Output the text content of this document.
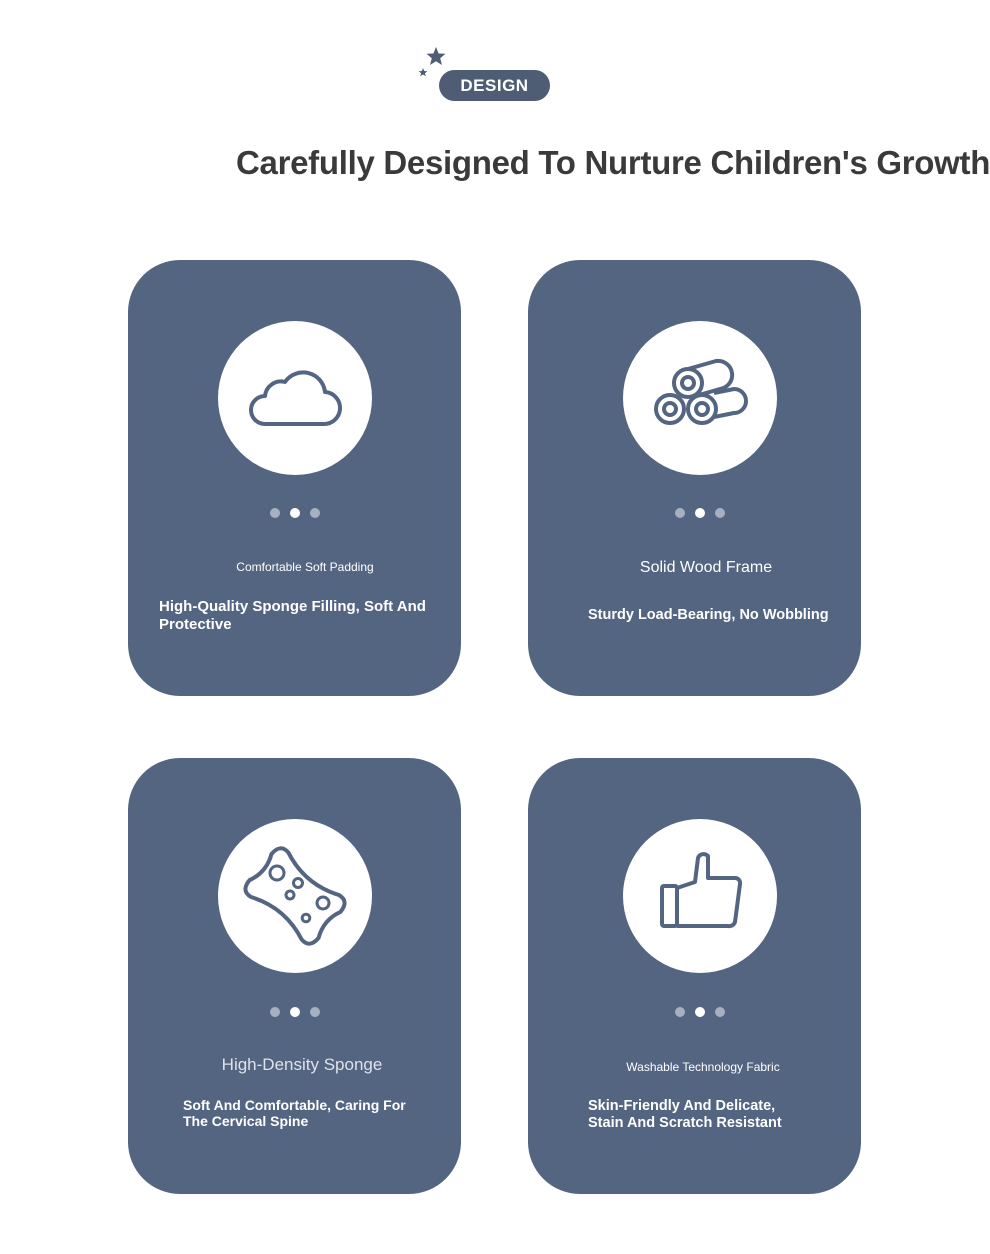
DESIGN
Carefully Designed To Nurture Children's Growth
Comfortable Soft Padding
High-Quality Sponge Filling, Soft And Protective
Solid Wood Frame
Sturdy Load-Bearing, No Wobbling
High-Density Sponge
Soft And Comfortable, Caring For The Cervical Spine
Washable Technology Fabric
Skin-Friendly And Delicate, Stain And Scratch Resistant
